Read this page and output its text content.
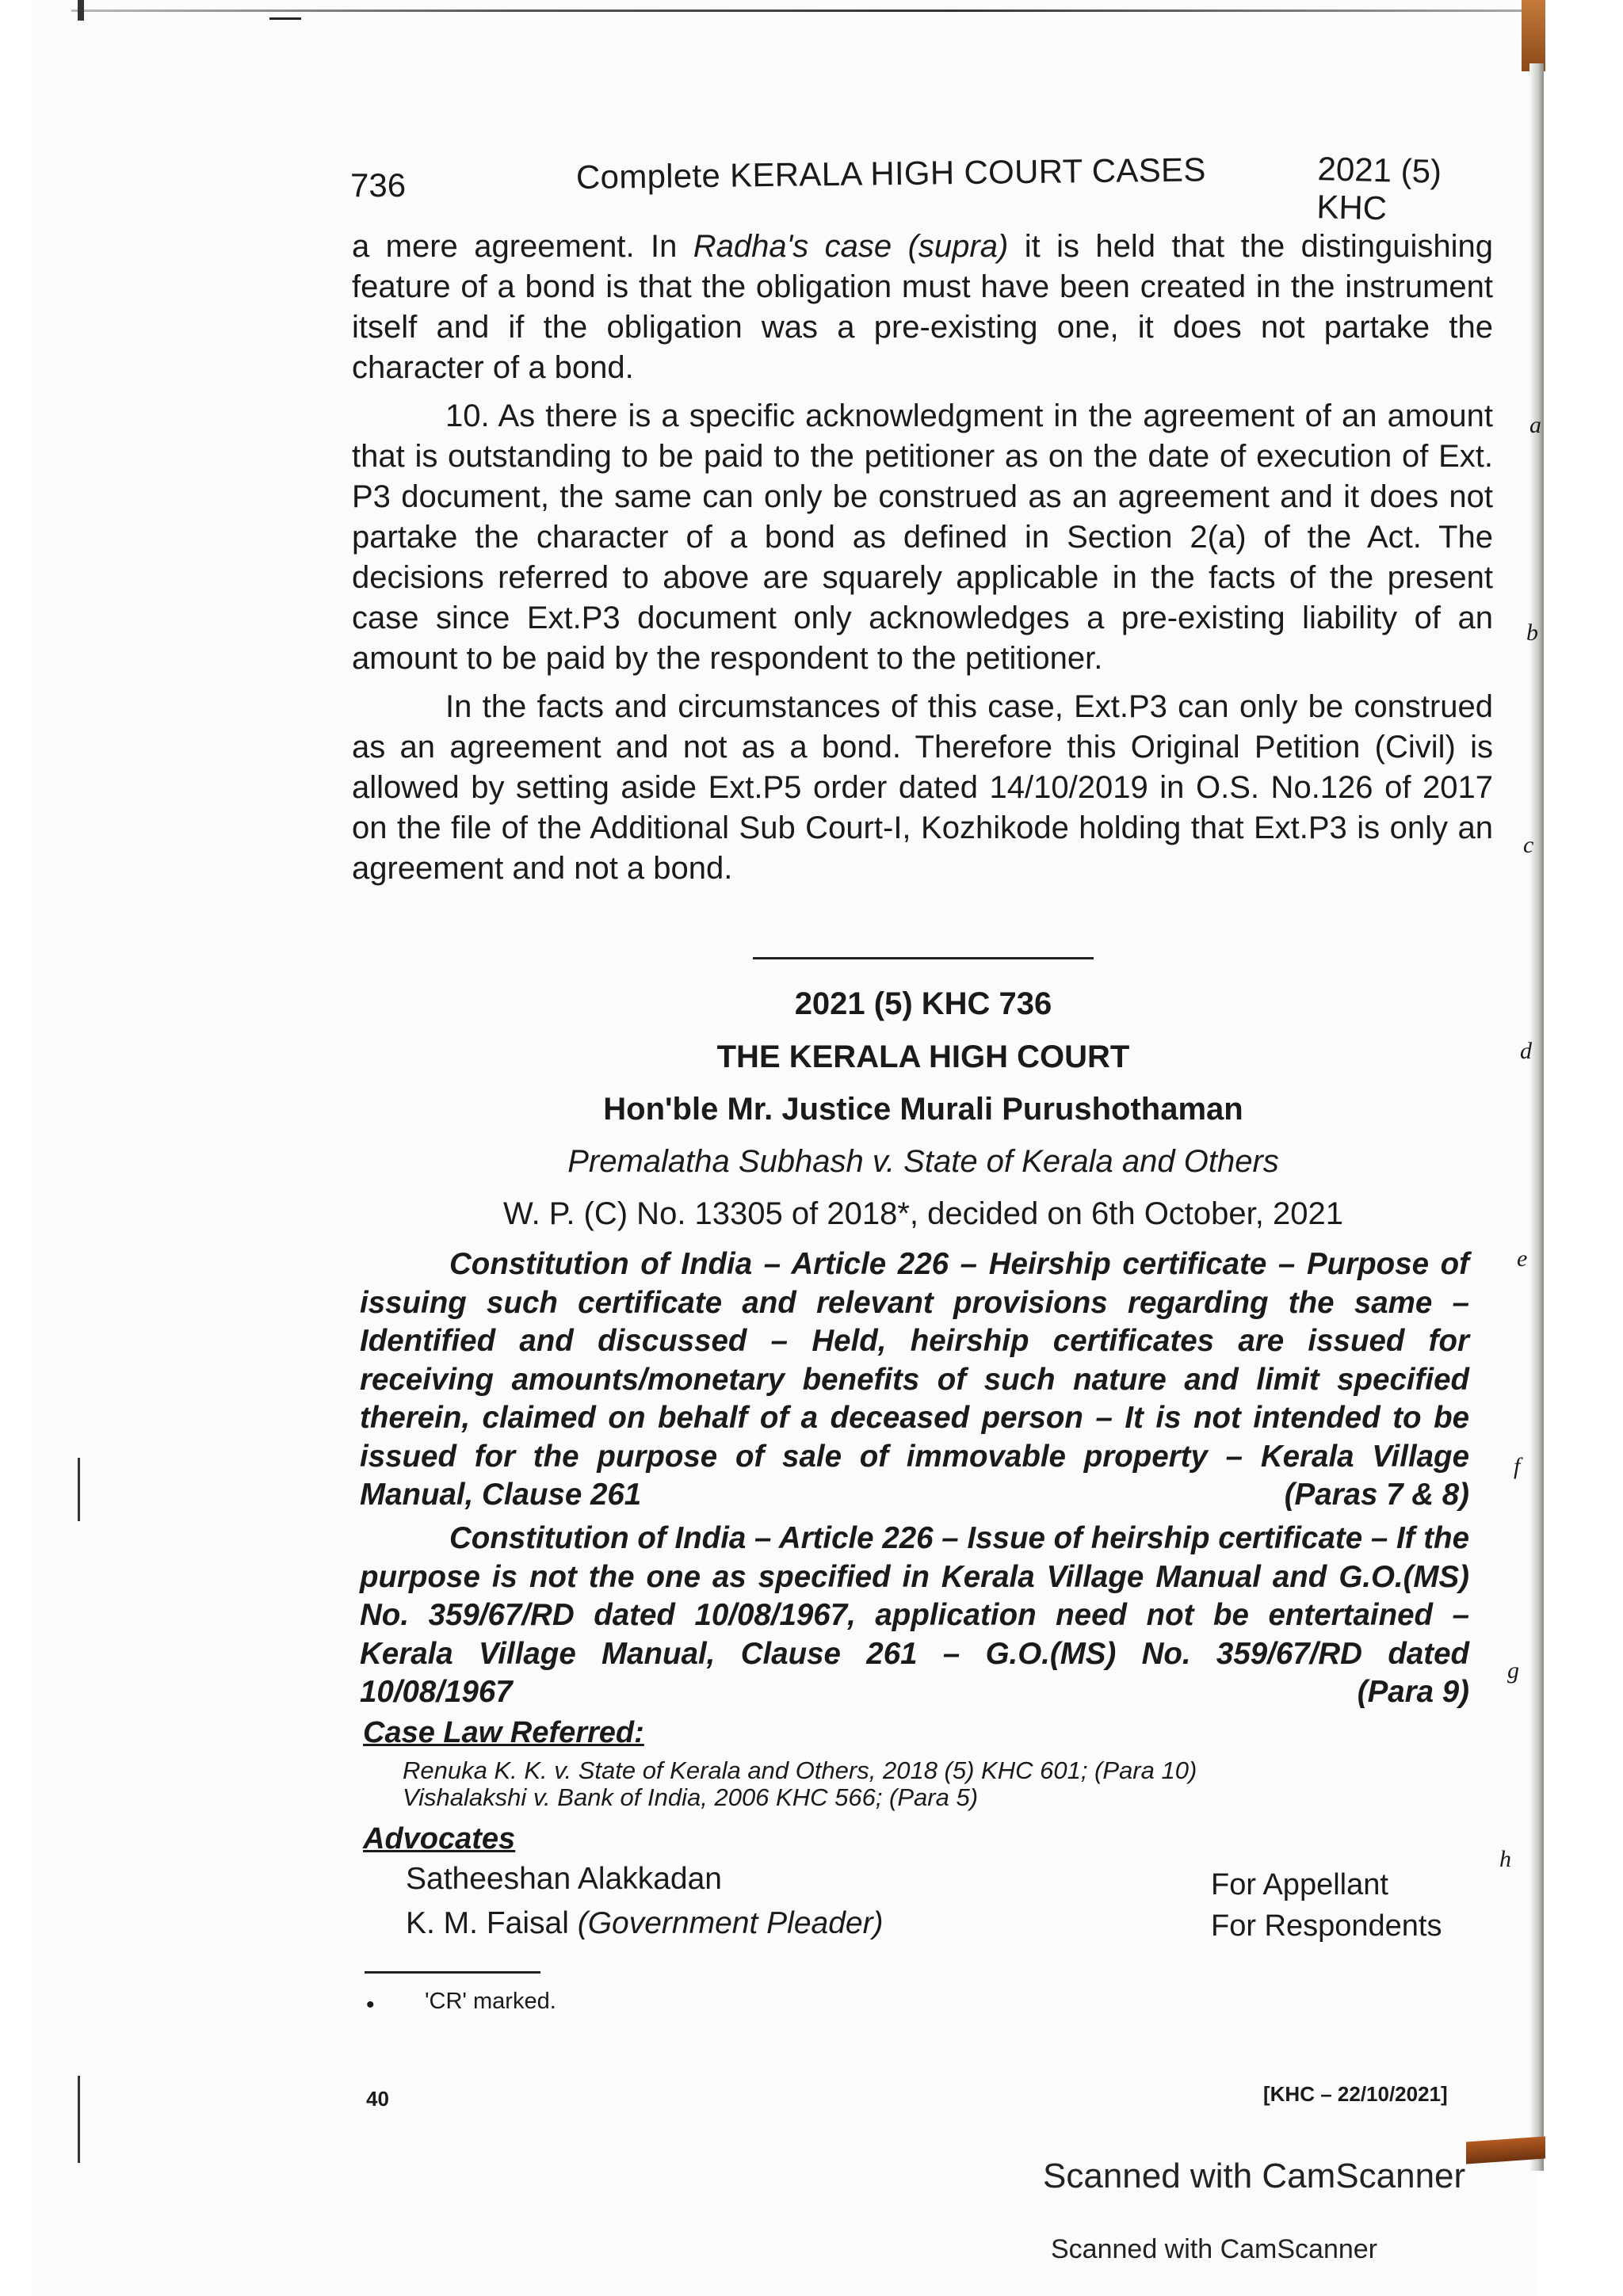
736	Complete KERALA HIGH COURT CASES	2021 (5) KHC

a mere agreement. In Radha's case (supra) it is held that the distinguishing feature of a bond is that the obligation must have been created in the instrument itself and if the obligation was a pre-existing one, it does not partake the character of a bond.

10. As there is a specific acknowledgment in the agreement of an amount that is outstanding to be paid to the petitioner as on the date of execution of Ext. P3 document, the same can only be construed as an agreement and it does not partake the character of a bond as defined in Section 2(a) of the Act. The decisions referred to above are squarely applicable in the facts of the present case since Ext.P3 document only acknowledges a pre-existing liability of an amount to be paid by the respondent to the petitioner.

In the facts and circumstances of this case, Ext.P3 can only be construed as an agreement and not as a bond. Therefore this Original Petition (Civil) is allowed by setting aside Ext.P5 order dated 14/10/2019 in O.S. No.126 of 2017 on the file of the Additional Sub Court-I, Kozhikode holding that Ext.P3 is only an agreement and not a bond.

2021 (5) KHC 736
THE KERALA HIGH COURT
Hon'ble Mr. Justice Murali Purushothaman
Premalatha Subhash v. State of Kerala and Others
W. P. (C) No. 13305 of 2018*, decided on 6th October, 2021

Constitution of India – Article 226 – Heirship certificate – Purpose of issuing such certificate and relevant provisions regarding the same – Identified and discussed – Held, heirship certificates are issued for receiving amounts/monetary benefits of such nature and limit specified therein, claimed on behalf of a deceased person – It is not intended to be issued for the purpose of sale of immovable property – Kerala Village Manual, Clause 261	(Paras 7 & 8)

Constitution of India – Article 226 – Issue of heirship certificate – If the purpose is not the one as specified in Kerala Village Manual and G.O.(MS) No. 359/67/RD dated 10/08/1967, application need not be entertained – Kerala Village Manual, Clause 261 – G.O.(MS) No. 359/67/RD dated 10/08/1967	(Para 9)

Case Law Referred:

Renuka K. K. v. State of Kerala and Others, 2018 (5) KHC 601; (Para 10)

Vishalakshi v. Bank of India, 2006 KHC 566; (Para 5)

Advocates
Satheeshan Alakkadan	For Appellant
K. M. Faisal (Government Pleader)	For Respondents
• 'CR' marked.
40	[KHC – 22/10/2021]
a
b
c
d
e
f
g
h
Scanned with CamScanner
Scanned with CamScanner
